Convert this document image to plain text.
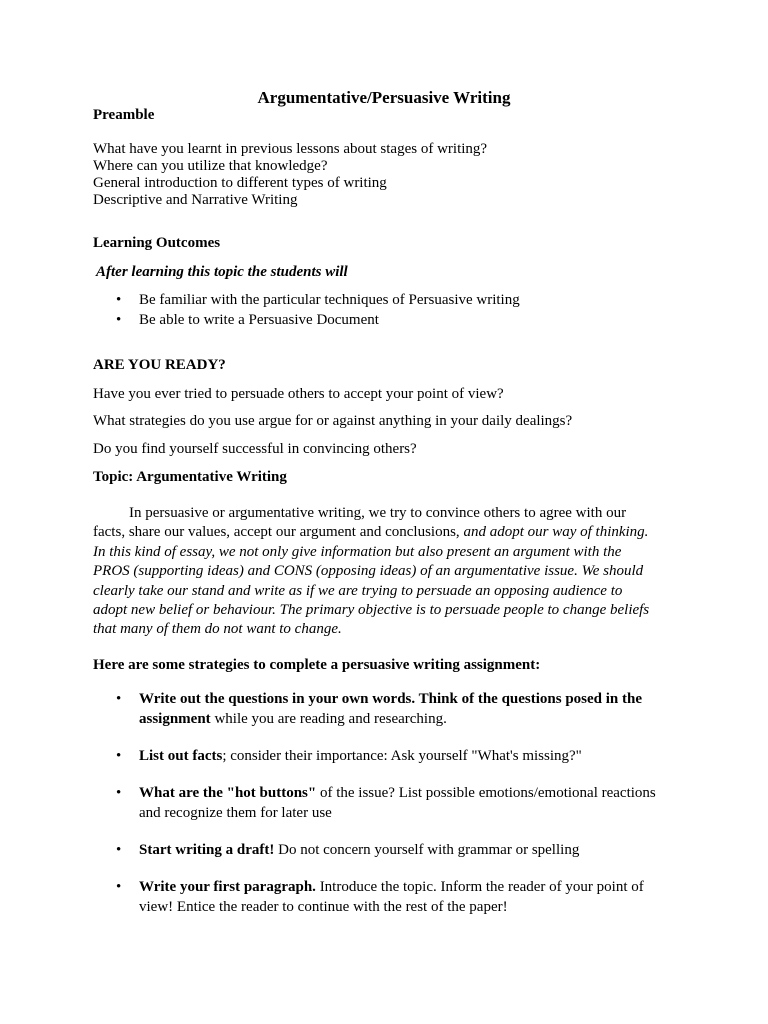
Argumentative/Persuasive Writing
Preamble
What have you learnt in previous lessons about stages of writing?
Where can you utilize that knowledge?
General introduction to different types of writing
Descriptive and Narrative Writing
Learning Outcomes
After learning this topic the students will
• Be familiar with the particular techniques of Persuasive writing
• Be able to write a Persuasive Document
ARE YOU READY?
Have you ever tried to persuade others to accept your point of view?
What strategies do you use argue for or against anything in your daily dealings?
Do you find yourself successful in convincing others?
Topic: Argumentative Writing
In persuasive or argumentative writing, we try to convince others to agree with our
facts, share our values, accept our argument and conclusions, and adopt our way of thinking.
In this kind of essay, we not only give information but also present an argument with the
PROS (supporting ideas) and CONS (opposing ideas) of an argumentative issue. We should
clearly take our stand and write as if we are trying to persuade an opposing audience to
adopt new belief or behaviour. The primary objective is to persuade people to change beliefs
that many of them do not want to change.
Here are some strategies to complete a persuasive writing assignment:
• Write out the questions in your own words. Think of the questions posed in the
assignment while you are reading and researching.
• List out facts; consider their importance: Ask yourself "What's missing?"
• What are the "hot buttons" of the issue? List possible emotions/emotional reactions
and recognize them for later use
• Start writing a draft! Do not concern yourself with grammar or spelling
• Write your first paragraph. Introduce the topic. Inform the reader of your point of
view! Entice the reader to continue with the rest of the paper!
